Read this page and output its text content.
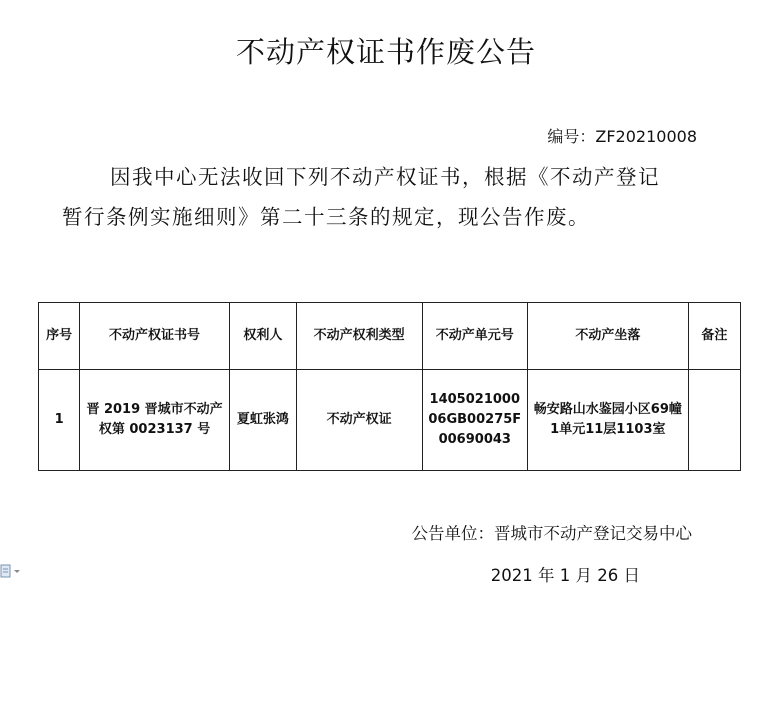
不动产权证书作废公告
编号：ZF20210008
因我中心无法收回下列不动产权证书，根据《不动产登记
暂行条例实施细则》第二十三条的规定，现公告作废。
序号	不动产权证书号	权利人	不动产权利类型	不动产单元号	不动产坐落	备注
1	晋 2019 晋城市不动产权第 0023137 号	夏虹张鸿	不动产权证	140502100006GB00275F00690043	畅安路山水鉴园小区69幢1单元11层1103室	
公告单位：晋城市不动产登记交易中心
2021 年 1 月 26 日
